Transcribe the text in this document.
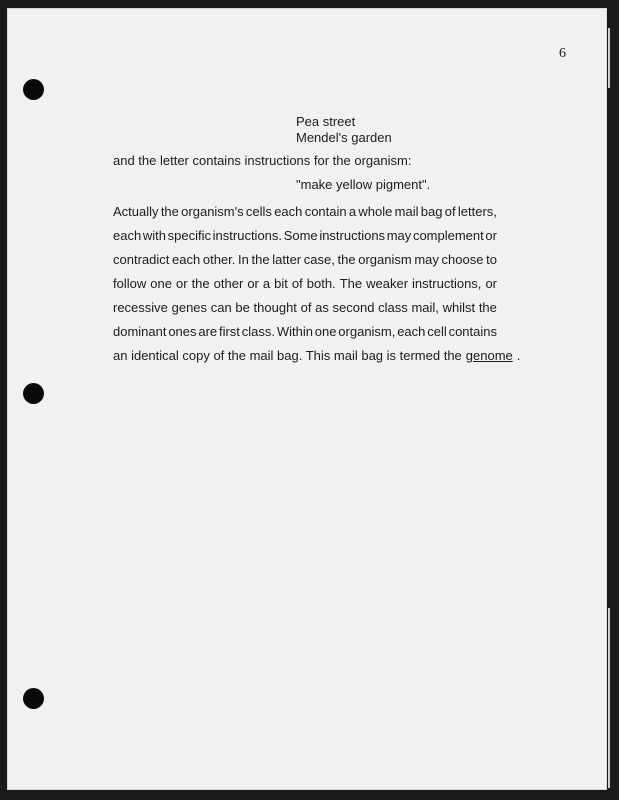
6
Pea street
Mendel's garden
and the letter contains instructions for the organism:
"make yellow pigment".
Actually the organism's cells each contain a whole mail bag of letters,
each with specific instructions. Some instructions may complement or
contradict each other. In the latter case, the organism may choose to
follow one or the other or a bit of both. The weaker instructions, or
recessive genes can be thought of as second class mail, whilst the
dominant ones are first class. Within one organism, each cell contains
an identical copy of the mail bag. This mail bag is termed the genome .
